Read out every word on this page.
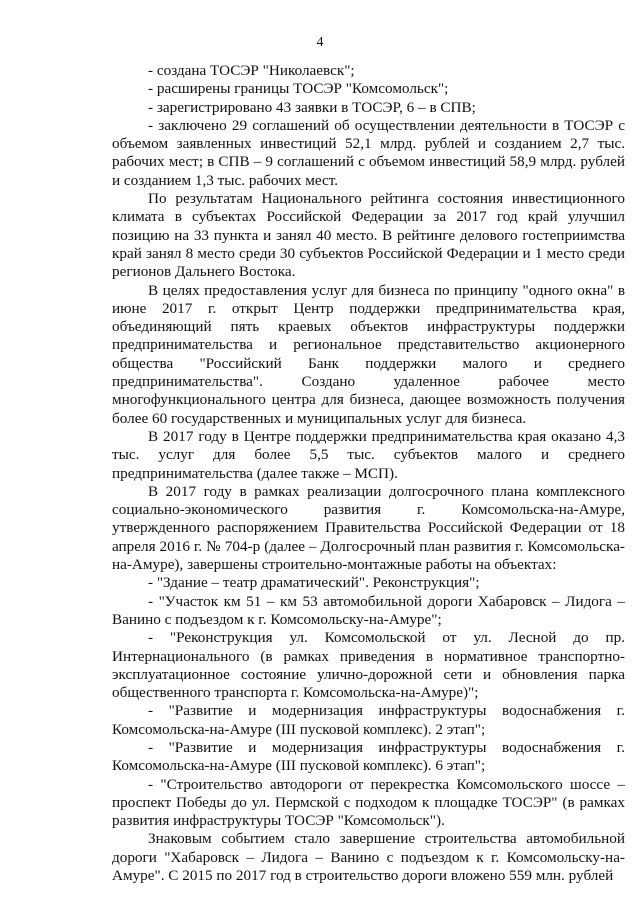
4

- создана ТОСЭР "Николаевск";

- расширены границы ТОСЭР "Комсомольск";

- зарегистрировано 43 заявки в ТОСЭР, 6 – в СПВ;

- заключено 29 соглашений об осуществлении деятельности в ТОСЭР с объемом заявленных инвестиций 52,1 млрд. рублей и созданием 2,7 тыс. рабочих мест; в СПВ – 9 соглашений с объемом инвестиций 58,9 млрд. рублей и созданием 1,3 тыс. рабочих мест.

По результатам Национального рейтинга состояния инвестиционного климата в субъектах Российской Федерации за 2017 год край улучшил позицию на 33 пункта и занял 40 место. В рейтинге делового гостеприимства край занял 8 место среди 30 субъектов Российской Федерации и 1 место среди регионов Дальнего Востока.

В целях предоставления услуг для бизнеса по принципу "одного окна" в июне 2017 г. открыт Центр поддержки предпринимательства края, объединяющий пять краевых объектов инфраструктуры поддержки предпринимательства и региональное представительство акционерного общества "Российский Банк поддержки малого и среднего предпринимательства". Создано удаленное рабочее место многофункционального центра для бизнеса, дающее возможность получения более 60 государственных и муниципальных услуг для бизнеса.

В 2017 году в Центре поддержки предпринимательства края оказано 4,3 тыс. услуг для более 5,5 тыс. субъектов малого и среднего предпринимательства (далее также – МСП).

В 2017 году в рамках реализации долгосрочного плана комплексного социально-экономического развития г. Комсомольска-на-Амуре, утвержденного распоряжением Правительства Российской Федерации от 18 апреля 2016 г. № 704-р (далее – Долгосрочный план развития г. Комсомольска-на-Амуре), завершены строительно-монтажные работы на объектах:

- "Здание – театр драматический". Реконструкция";

- "Участок км 51 – км 53 автомобильной дороги Хабаровск – Лидога – Ванино с подъездом к г. Комсомольску-на-Амуре";

- "Реконструкция ул. Комсомольской от ул. Лесной до пр. Интернационального (в рамках приведения в нормативное транспортно-эксплуатационное состояние улично-дорожной сети и обновления парка общественного транспорта г. Комсомольска-на-Амуре)";

- "Развитие и модернизация инфраструктуры водоснабжения г. Комсомольска-на-Амуре (III пусковой комплекс). 2 этап";

- "Развитие и модернизация инфраструктуры водоснабжения г. Комсомольска-на-Амуре (III пусковой комплекс). 6 этап";

- "Строительство автодороги от перекрестка Комсомольского шоссе – проспект Победы до ул. Пермской с подходом к площадке ТОСЭР" (в рамках развития инфраструктуры ТОСЭР "Комсомольск").

Знаковым событием стало завершение строительства автомобильной дороги "Хабаровск – Лидога – Ванино с подъездом к г. Комсомольску-на-Амуре". С 2015 по 2017 год в строительство дороги вложено 559 млн. рублей
